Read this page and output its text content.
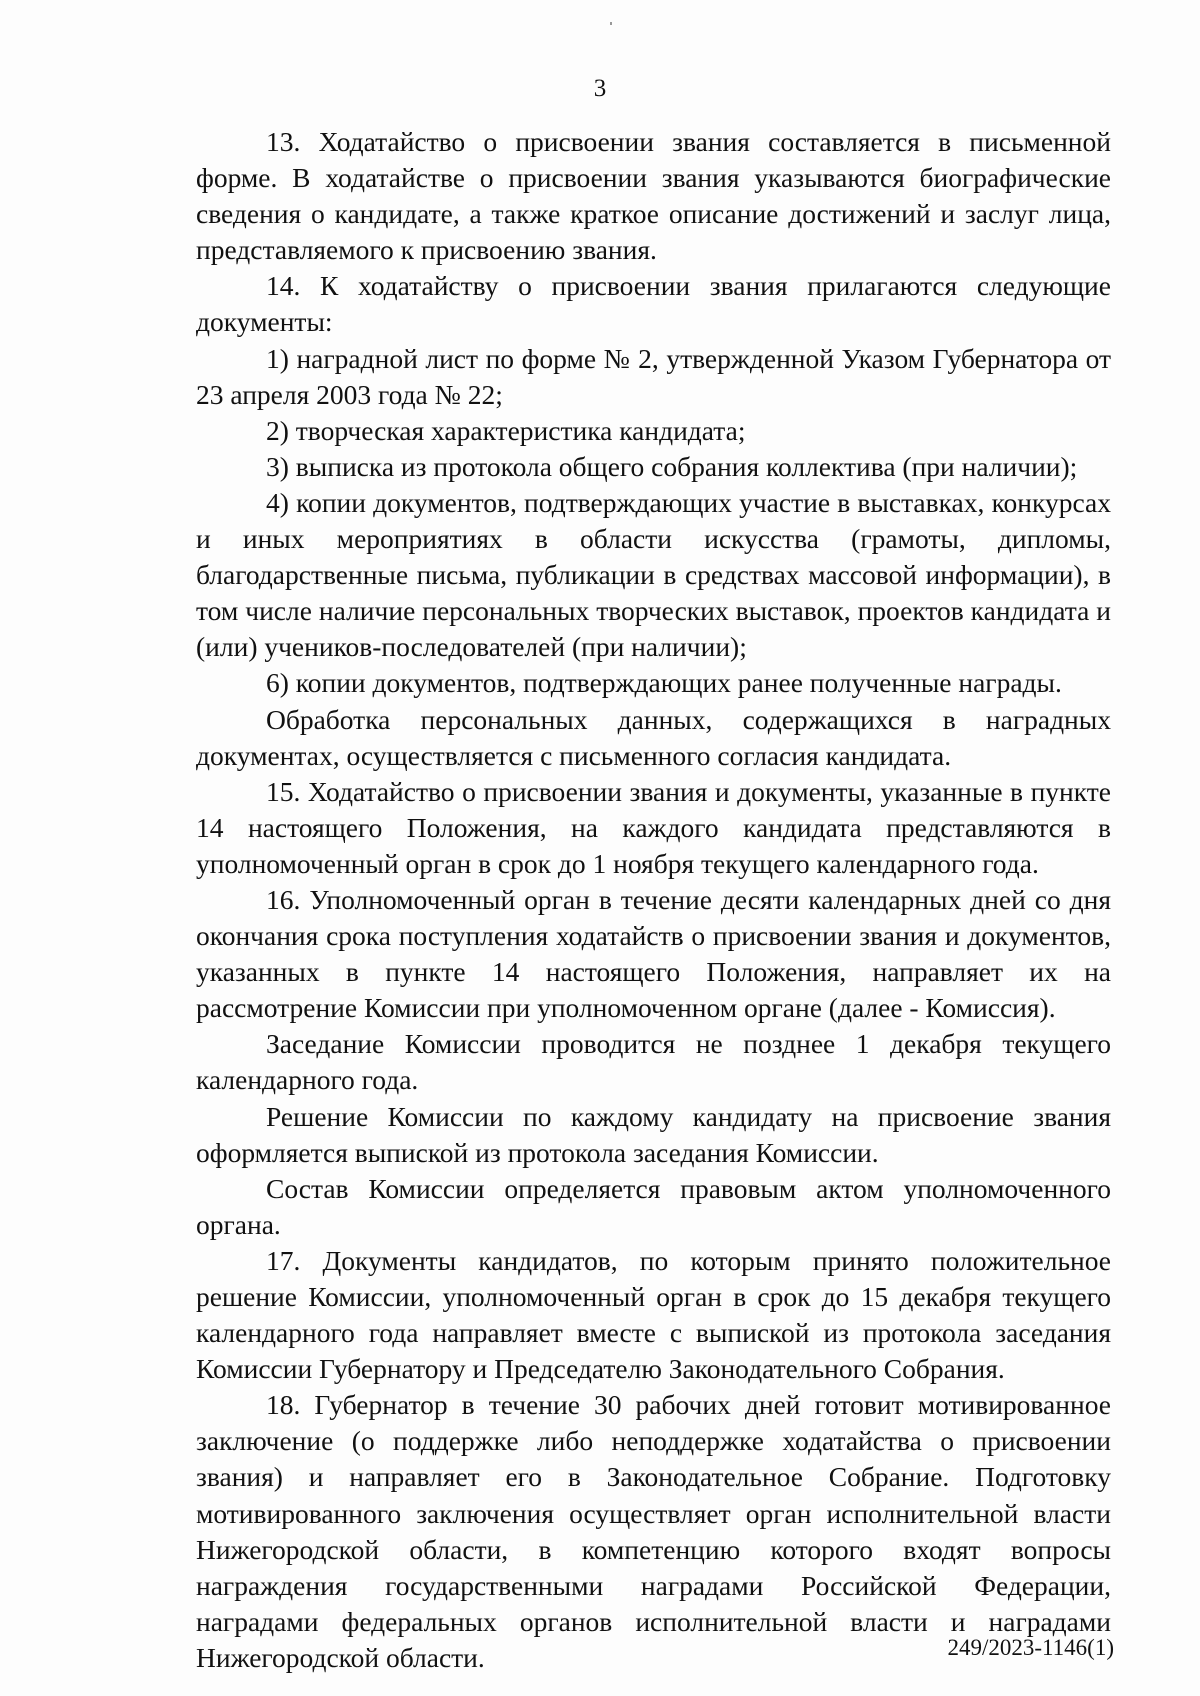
3

13. Ходатайство о присвоении звания составляется в письменной форме. В ходатайстве о присвоении звания указываются биографические сведения о кандидате, а также краткое описание достижений и заслуг лица, представляемого к присвоению звания.

14. К ходатайству о присвоении звания прилагаются следующие документы:

1) наградной лист по форме № 2, утвержденной Указом Губернатора от 23 апреля 2003 года № 22;

2) творческая характеристика кандидата;

3) выписка из протокола общего собрания коллектива (при наличии);

4) копии документов, подтверждающих участие в выставках, конкурсах и иных мероприятиях в области искусства (грамоты, дипломы, благодарственные письма, публикации в средствах массовой информации), в том числе наличие персональных творческих выставок, проектов кандидата и (или) учеников-последователей (при наличии);

6) копии документов, подтверждающих ранее полученные награды.

Обработка персональных данных, содержащихся в наградных документах, осуществляется с письменного согласия кандидата.

15. Ходатайство о присвоении звания и документы, указанные в пункте 14 настоящего Положения, на каждого кандидата представляются в уполномоченный орган в срок до 1 ноября текущего календарного года.

16. Уполномоченный орган в течение десяти календарных дней со дня окончания срока поступления ходатайств о присвоении звания и документов, указанных в пункте 14 настоящего Положения, направляет их на рассмотрение Комиссии при уполномоченном органе (далее - Комиссия).

Заседание Комиссии проводится не позднее 1 декабря текущего календарного года.

Решение Комиссии по каждому кандидату на присвоение звания оформляется выпиской из протокола заседания Комиссии.

Состав Комиссии определяется правовым актом уполномоченного органа.

17. Документы кандидатов, по которым принято положительное решение Комиссии, уполномоченный орган в срок до 15 декабря текущего календарного года направляет вместе с выпиской из протокола заседания Комиссии Губернатору и Председателю Законодательного Собрания.

18. Губернатор в течение 30 рабочих дней готовит мотивированное заключение (о поддержке либо неподдержке ходатайства о присвоении звания) и направляет его в Законодательное Собрание. Подготовку мотивированного заключения осуществляет орган исполнительной власти Нижегородской области, в компетенцию которого входят вопросы награждения государственными наградами Российской Федерации, наградами федеральных органов исполнительной власти и наградами Нижегородской области.	249/2023-1146(1)
